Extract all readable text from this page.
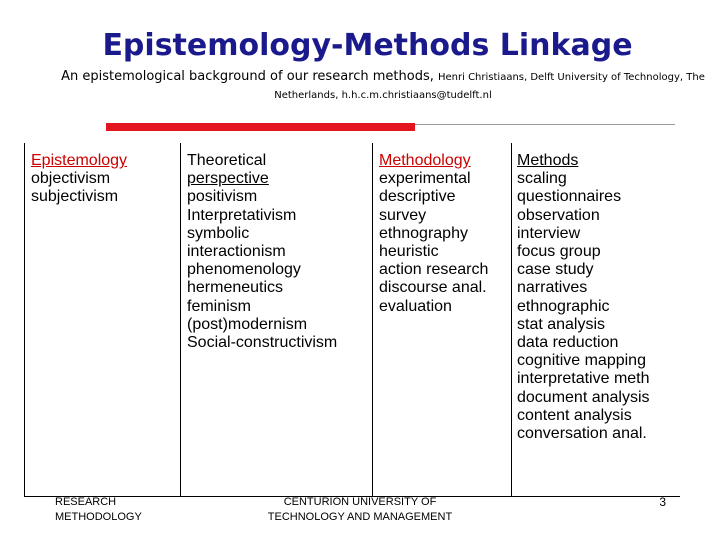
Epistemology-Methods Linkage
An epistemological background of our research methods, Henri Christiaans, Delft University of Technology, The Netherlands, h.h.c.m.christiaans@tudelft.nl
Epistemology
objectivism
subjectivism
Theoretical
perspective
positivism
Interpretativism
symbolic
interactionism
phenomenology
hermeneutics
feminism
(post)modernism
Social-constructivism
Methodology
experimental
descriptive
survey
ethnography
heuristic
action research
discourse anal.
evaluation
Methods
scaling
questionnaires
observation
interview
focus group
case study
narratives
ethnographic
stat analysis
data reduction
cognitive mapping
interpretative meth
document analysis
content analysis
conversation anal.
RESEARCH
METHODOLOGY
CENTURION UNIVERSITY OF
TECHNOLOGY AND MANAGEMENT
3
